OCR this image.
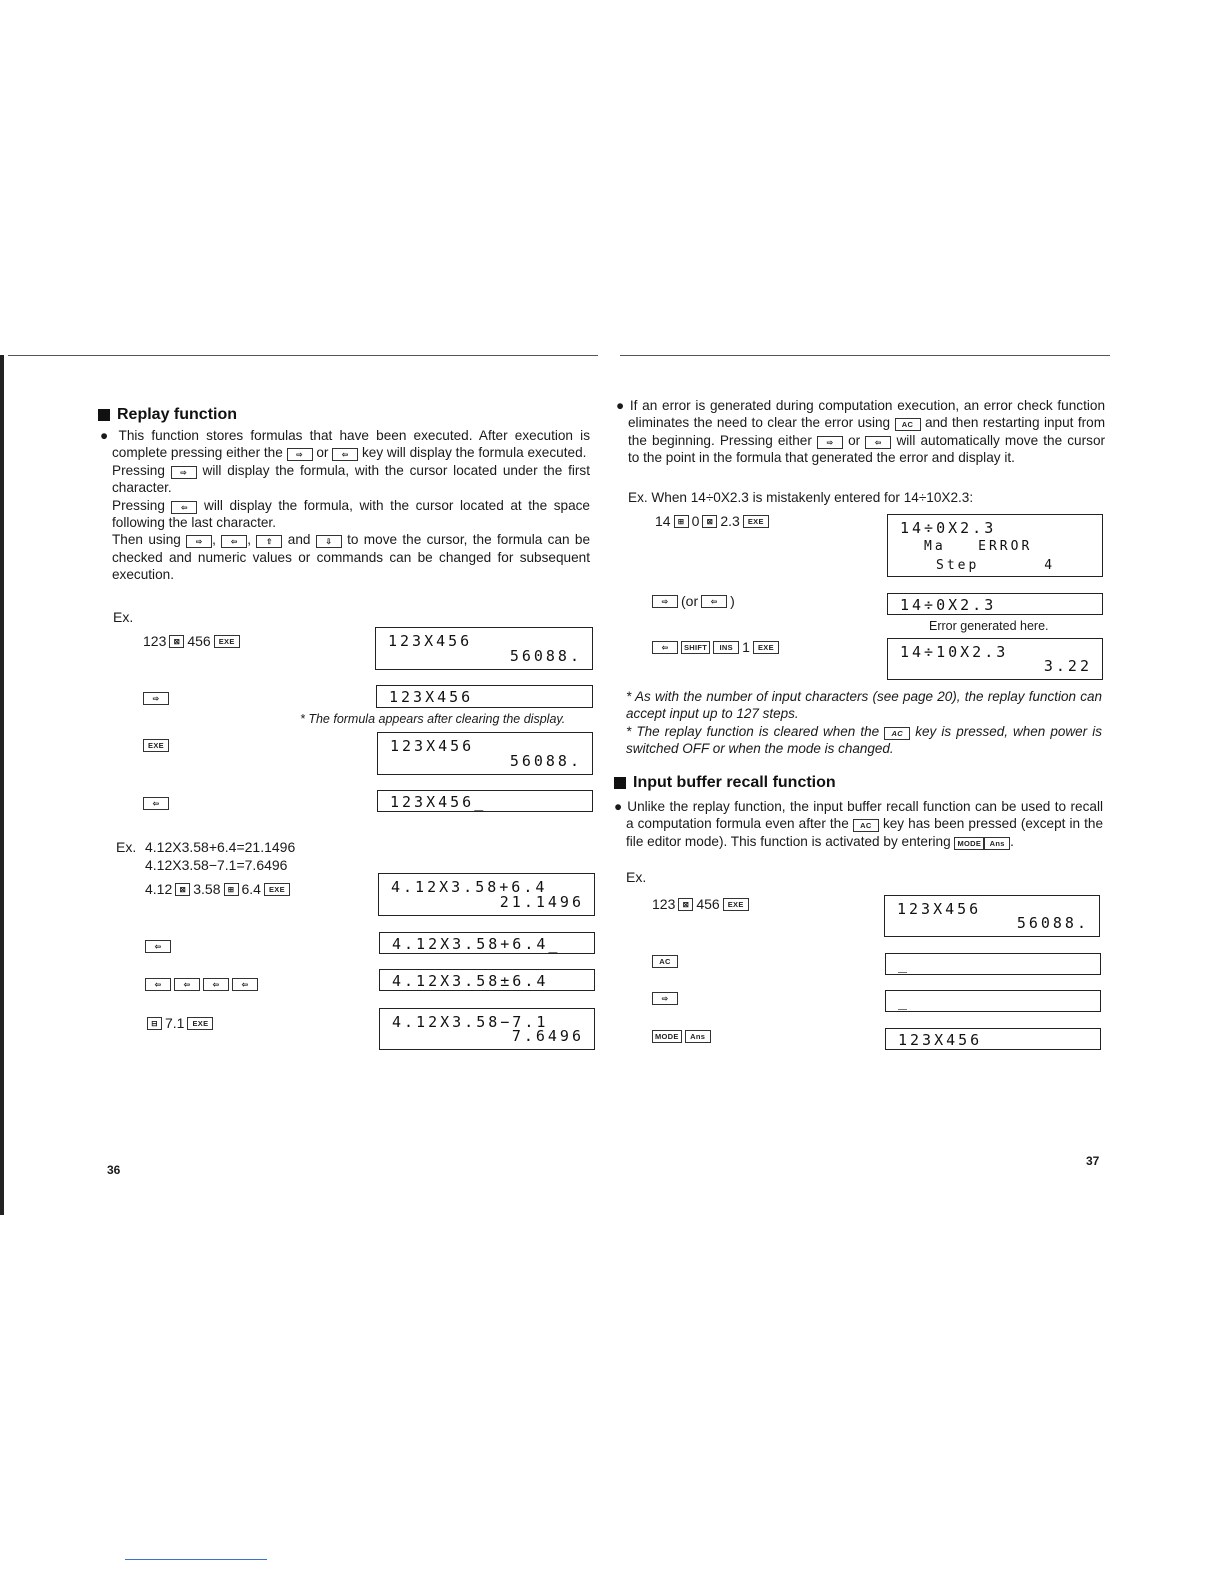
Replay function

● This function stores formulas that have been executed. After execution is complete pressing either the ⇨ or ⇦ key will display the formula executed.

Pressing ⇨ will display the formula, with the cursor located under the first character.

Pressing ⇦ will display the formula, with the cursor located at the space following the last character.

Then using ⇨ , ⇦ , ⇧ and ⇩ to move the cursor, the formula can be checked and numeric values or commands can be changed for subsequent execution.

Ex.
123 ⊠ 456	EXE	123X456
56088.
⇨	123X456
* The formula appears after clearing the display.
EXE	123X456
56088.
⇦	123X456_
Ex. 4.12X3.58+6.4=21.1496
4.12X3.58−7.1=7.6496
4.12 ⊠ 3.58 ⊞ 6.4	EXE	4.12X3.58+6.4
21.1496
⇦	4.12X3.58+6.4_
⇦	⇦	⇦	⇦	4.12X3.58±6.4
⊟ 7.1	EXE	4.12X3.58−7.1
7.6496
36

● If an error is generated during computation execution, an error check function eliminates the need to clear the error using AC and then restarting input from the beginning. Pressing either ⇨ or ⇦ will automatically move the cursor to the point in the formula that generated the error and display it.

Ex. When 14÷0X2.3 is mistakenly entered for 14÷10X2.3:
14 ⊞ 0 ⊠ 2.3	EXE	14÷0X2.3
Ma   ERROR
Step      4
⇨ (or	⇦ )	14÷0X2.3
Error generated here.
⇦	SHIFT	INS 1	EXE	14÷10X2.3
3.22

* As with the number of input characters (see page 20), the replay function can accept input up to 127 steps.

* The replay function is cleared when the AC key is pressed, when power is switched OFF or when the mode is changed.

Input buffer recall function

● Unlike the replay function, the input buffer recall function can be used to recall a computation formula even after the AC key has been pressed (except in the file editor mode). This function is activated by entering MODE Ans .

Ex.
123 ⊠ 456	EXE	123X456
56088.
AC	_
⇨	_
MODE	Ans	123X456
37
